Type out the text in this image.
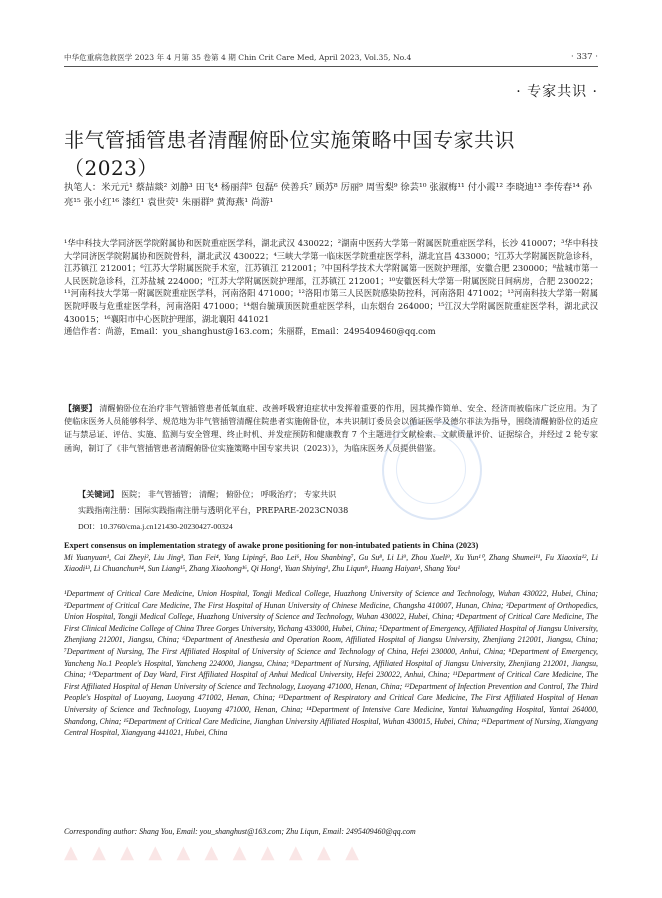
中华危重病急救医学 2023 年 4 月第 35 卷第 4 期 Chin Crit Care Med, April 2023, Vol.35, No.4	· 337 ·
· 专家共识 ·
非气管插管患者清醒俯卧位实施策略中国专家共识（2023）
执笔人：米元元¹ 蔡喆燚² 刘静³ 田飞⁴ 杨丽萍⁵ 包磊⁶ 侯善兵⁷ 顾苏⁸ 厉丽⁹ 周雪梨⁹ 徐芸¹⁰ 张淑梅¹¹ 付小霞¹² 李晓迪¹³ 李传春¹⁴ 孙亮¹⁵ 张小红¹⁶ 漆红¹ 袁世荧¹ 朱丽群⁹ 黄海燕¹ 尚游¹
¹华中科技大学同济医学院附属协和医院重症医学科，湖北武汉 430022；²湖南中医药大学第一附属医院重症医学科，长沙 410007；³华中科技大学同济医学院附属协和医院骨科，湖北武汉 430022；⁴三峡大学第一临床医学院重症医学科，湖北宜昌 433000；⁵江苏大学附属医院急诊科，江苏镇江 212001；⁶江苏大学附属医院手术室，江苏镇江 212001；⁷中国科学技术大学附属第一医院护理部，安徽合肥 230000；⁸盐城市第一人民医院急诊科，江苏盐城 224000；⁹江苏大学附属医院护理部，江苏镇江 212001；¹⁰安徽医科大学第一附属医院日间病房，合肥 230022；¹¹河南科技大学第一附属医院重症医学科，河南洛阳 471000；¹²洛阳市第三人民医院感染防控科，河南洛阳 471002；¹³河南科技大学第一附属医院呼吸与危重症医学科，河南洛阳 471000；¹⁴烟台毓璜顶医院重症医学科，山东烟台 264000；¹⁵江汉大学附属医院重症医学科，湖北武汉 430015；¹⁶襄阳市中心医院护理部，湖北襄阳 441021
通信作者：尚游，Email：you_shanghust@163.com；朱丽群，Email：2495409460@qq.com
【摘要】 清醒俯卧位在治疗非气管插管患者低氧血症、改善呼吸窘迫症状中发挥着重要的作用，因其操作简单、安全、经济而被临床广泛应用。为了使临床医务人员能够科学、规范地为非气管插管清醒住院患者实施俯卧位，本共识制订委员会以循证医学及德尔菲法为指导，围绕清醒俯卧位的适应证与禁忌证、评估、实施、监测与安全管理、终止时机、并发症预防和健康教育 7 个主题进行文献检索、文献质量评价、证据综合，并经过 2 轮专家函询，制订了《非气管插管患者清醒俯卧位实施策略中国专家共识（2023）》，为临床医务人员提供借鉴。
【关键词】 医院； 非气管插管； 清醒； 俯卧位； 呼吸治疗； 专家共识
实践指南注册：国际实践指南注册与透明化平台，PREPARE-2023CN038
DOI：10.3760/cma.j.cn121430-20230427-00324
Expert consensus on implementation strategy of awake prone positioning for non-intubated patients in China (2023)
Mi Yuanyuan¹, Cai Zheyi², Liu Jing³, Tian Fei⁴, Yang Liping⁵, Bao Lei⁶, Hou Shanbing⁷, Gu Su⁸, Li Li⁹, Zhou Xueli⁹, Xu Yun¹⁰, Zhang Shumei¹¹, Fu Xiaoxia¹², Li Xiaodi¹³, Li Chuanchun¹⁴, Sun Liang¹⁵, Zhang Xiaohong¹⁶, Qi Hong¹, Yuan Shiying¹, Zhu Liqun⁹, Huang Haiyan¹, Shang You¹
¹Department of Critical Care Medicine, Union Hospital, Tongji Medical College, Huazhong University of Science and Technology, Wuhan 430022, Hubei, China; ²Department of Critical Care Medicine, The First Hospital of Hunan University of Chinese Medicine, Changsha 410007, Hunan, China; ³Department of Orthopedics, Union Hospital, Tongji Medical College, Huazhong University of Science and Technology, Wuhan 430022, Hubei, China; ⁴Department of Critical Care Medicine, The First Clinical Medicine College of China Three Gorges University, Yichang 433000, Hubei, China; ⁵Department of Emergency, Affiliated Hospital of Jiangsu University, Zhenjiang 212001, Jiangsu, China; ⁶Department of Anesthesia and Operation Room, Affiliated Hospital of Jiangsu University, Zhenjiang 212001, Jiangsu, China; ⁷Department of Nursing, The First Affiliated Hospital of University of Science and Technology of China, Hefei 230000, Anhui, China; ⁸Department of Emergency, Yancheng No.1 People's Hospital, Yancheng 224000, Jiangsu, China; ⁹Department of Nursing, Affiliated Hospital of Jiangsu University, Zhenjiang 212001, Jiangsu, China; ¹⁰Department of Day Ward, First Affiliated Hospital of Anhui Medical University, Hefei 230022, Anhui, China; ¹¹Department of Critical Care Medicine, The First Affiliated Hospital of Henan University of Science and Technology, Luoyang 471000, Henan, China; ¹²Department of Infection Prevention and Control, The Third People's Hospital of Luoyang, Luoyang 471002, Henan, China; ¹³Department of Respiratory and Critical Care Medicine, The First Affiliated Hospital of Henan University of Science and Technology, Luoyang 471000, Henan, China; ¹⁴Department of Intensive Care Medicine, Yantai Yuhuangding Hospital, Yantai 264000, Shandong, China; ¹⁵Department of Critical Care Medicine, Jianghan University Affiliated Hospital, Wuhan 430015, Hubei, China; ¹⁶Department of Nursing, Xiangyang Central Hospital, Xiangyang 441021, Hubei, China
Corresponding author: Shang You, Email: you_shanghust@163.com; Zhu Liqun, Email: 2495409460@qq.com
▲ ▲ ▲ ▲ ▲ ▲ ▲ ▲ ▲ ▲ ▲
